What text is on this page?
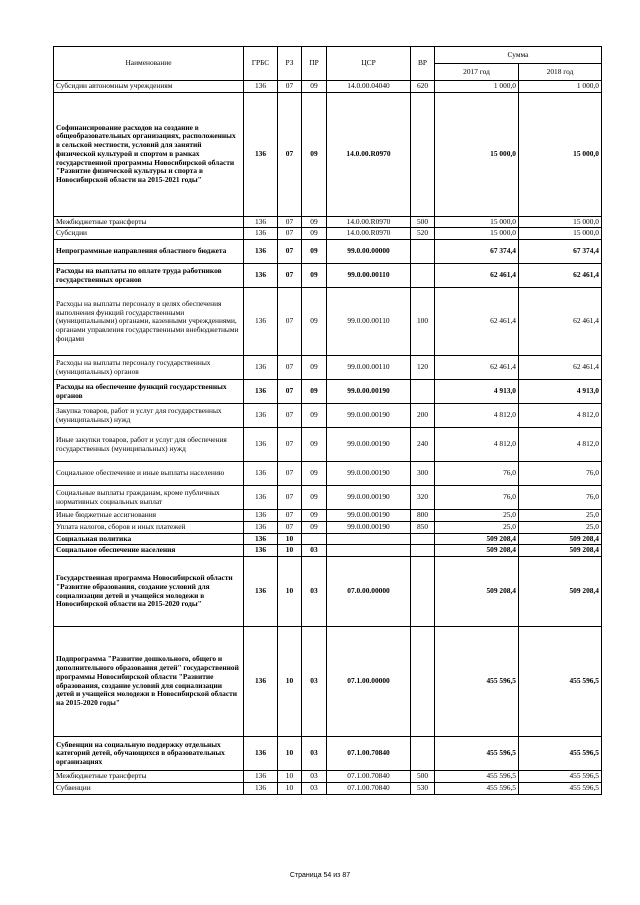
Наименование	ГРБС	РЗ	ПР	ЦСР	ВР	Сумма	
						2017 год	2018 год
Субсидии автономным учреждениям	136	07	09	14.0.00.04040	620	1 000,0	1 000,0
Софинансирование расходов на создание в общеобразовательных организациях, расположенных в сельской местности, условий для занятий физической культурой и спортом в рамках государственной программы Новосибирской области "Развитие физической культуры и спорта в Новосибирской области на 2015-2021 годы"	136	07	09	14.0.00.R0970		15 000,0	15 000,0
Межбюджетные трансферты	136	07	09	14.0.00.R0970	500	15 000,0	15 000,0
Субсидии	136	07	09	14.0.00.R0970	520	15 000,0	15 000,0
Непрограммные направления областного бюджета	136	07	09	99.0.00.00000		67 374,4	67 374,4
Расходы на выплаты по оплате труда работников государственных органов	136	07	09	99.0.00.00110		62 461,4	62 461,4
Расходы на выплаты персоналу в целях обеспечения выполнения функций государственными (муниципальными) органами, казенными учреждениями, органами управления государственными внебюджетными фондами	136	07	09	99.0.00.00110	100	62 461,4	62 461,4
Расходы на выплаты персоналу государственных (муниципальных) органов	136	07	09	99.0.00.00110	120	62 461,4	62 461,4
Расходы на обеспечение функций государственных органов	136	07	09	99.0.00.00190		4 913,0	4 913,0
Закупка товаров, работ и услуг для государственных (муниципальных) нужд	136	07	09	99.0.00.00190	200	4 812,0	4 812,0
Иные закупки товаров, работ и услуг для обеспечения государственных (муниципальных) нужд	136	07	09	99.0.00.00190	240	4 812,0	4 812,0
Социальное обеспечение и иные выплаты населению	136	07	09	99.0.00.00190	300	76,0	76,0
Социальные выплаты гражданам, кроме публичных нормативных социальных выплат	136	07	09	99.0.00.00190	320	76,0	76,0
Иные бюджетные ассигнования	136	07	09	99.0.00.00190	800	25,0	25,0
Уплата налогов, сборов и иных платежей	136	07	09	99.0.00.00190	850	25,0	25,0
Социальная политика	136	10				509 208,4	509 208,4
Социальное обеспечение населения	136	10	03			509 208,4	509 208,4
Государственная программа Новосибирской области "Развитие образования, создание условий для социализации детей и учащейся молодежи в Новосибирской области на 2015-2020 годы"	136	10	03	07.0.00.00000		509 208,4	509 208,4
Подпрограмма "Развитие дошкольного, общего и дополнительного образования детей" государственной программы Новосибирской области "Развитие образования, создание условий для социализации детей и учащейся молодежи в Новосибирской области на 2015-2020 годы"	136	10	03	07.1.00.00000		455 596,5	455 596,5
Субвенции на социальную поддержку отдельных категорий детей, обучающихся в образовательных организациях	136	10	03	07.1.00.70840		455 596,5	455 596,5
Межбюджетные трансферты	136	10	03	07.1.00.70840	500	455 596,5	455 596,5
Субвенции	136	10	03	07.1.00.70840	530	455 596,5	455 596,5
Страница 54 из 87
